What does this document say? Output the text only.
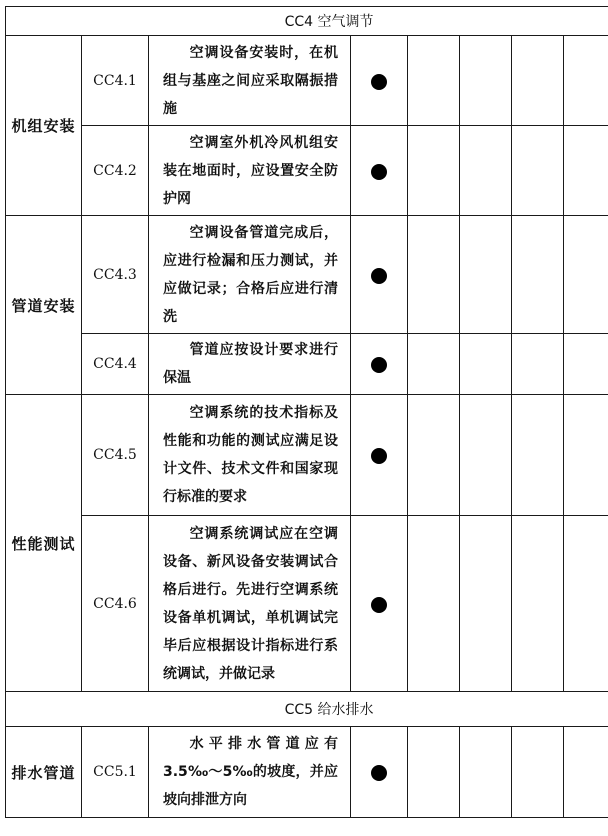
CC4 空气调节							
机组安装	CC4.1	空调设备安装时，在机组与基座之间应采取隔振措施					
	CC4.2	空调室外机冷风机组安装在地面时，应设置安全防护网					
管道安装	CC4.3	空调设备管道完成后，应进行检漏和压力测试，并应做记录；合格后应进行清洗					
	CC4.4	管道应按设计要求进行保温					
性能测试	CC4.5	空调系统的技术指标及性能和功能的测试应满足设计文件、技术文件和国家现行标准的要求					
	CC4.6	空调系统调试应在空调设备、新风设备安装调试合格后进行。先进行空调系统设备单机调试，单机调试完毕后应根据设计指标进行系统调试，并做记录					
CC5 给水排水							
排水管道	CC5.1	水平排水管道应有3.5‰～5‰的坡度，并应坡向排泄方向					
